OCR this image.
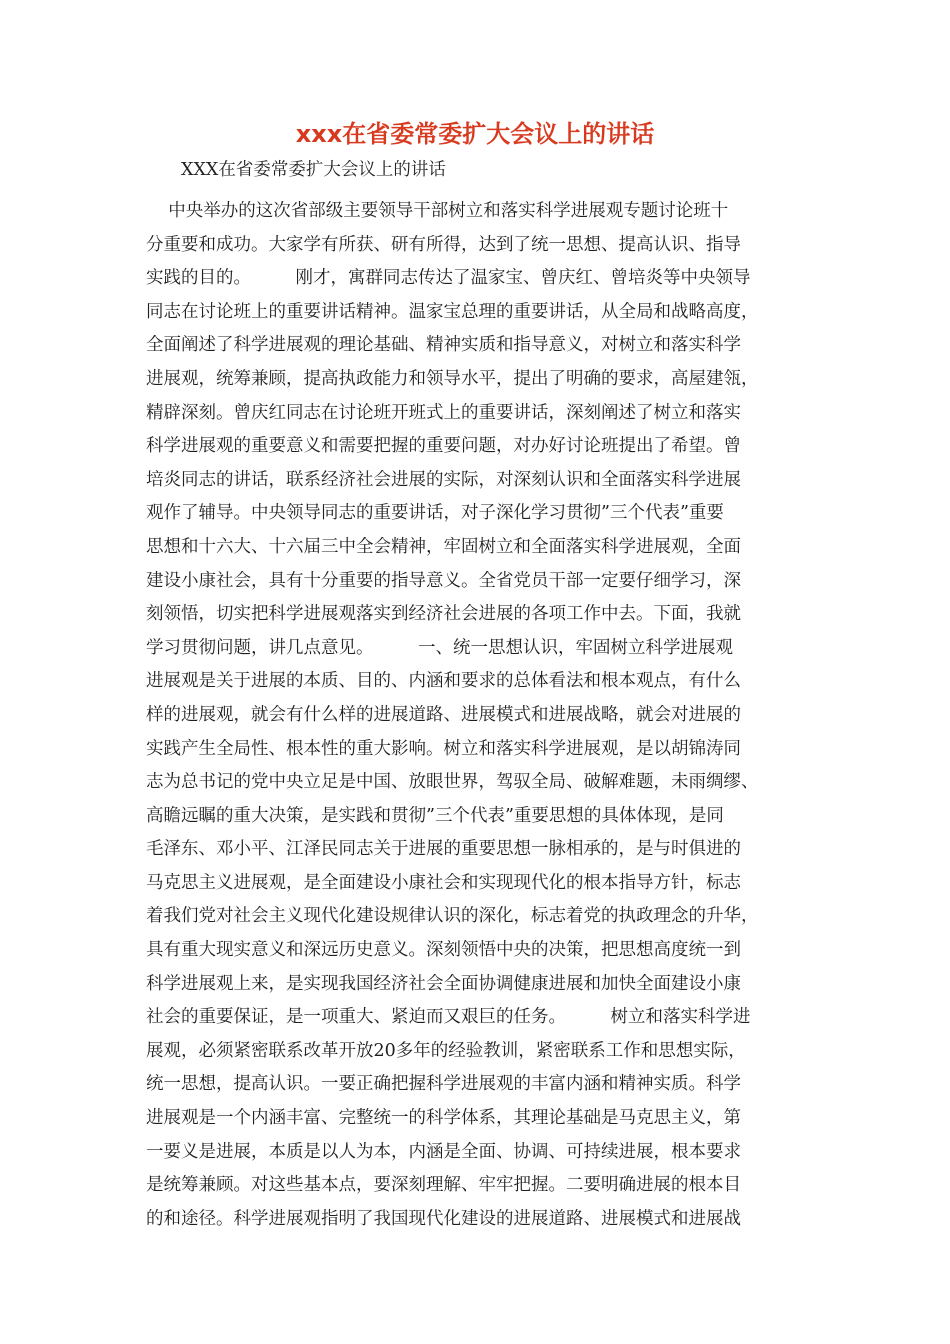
xxx在省委常委扩大会议上的讲话
XXX在省委常委扩大会议上的讲话
中央举办的这次省部级主要领导干部树立和落实科学进展观专题讨论班十
分重要和成功。大家学有所获、研有所得，达到了统一思想、提高认识、指导
实践的目的。        刚才，寓群同志传达了温家宝、曾庆红、曾培炎等中央领导
同志在讨论班上的重要讲话精神。温家宝总理的重要讲话，从全局和战略高度，
全面阐述了科学进展观的理论基础、精神实质和指导意义，对树立和落实科学
进展观，统筹兼顾，提高执政能力和领导水平，提出了明确的要求，高屋建瓴，
精辟深刻。曾庆红同志在讨论班开班式上的重要讲话，深刻阐述了树立和落实
科学进展观的重要意义和需要把握的重要问题，对办好讨论班提出了希望。曾
培炎同志的讲话，联系经济社会进展的实际，对深刻认识和全面落实科学进展
观作了辅导。中央领导同志的重要讲话，对子深化学习贯彻”三个代表”重要
思想和十六大、十六届三中全会精神，牢固树立和全面落实科学进展观，全面
建设小康社会，具有十分重要的指导意义。全省党员干部一定要仔细学习，深
刻领悟，切实把科学进展观落实到经济社会进展的各项工作中去。下面，我就
学习贯彻问题，讲几点意见。        一、统一思想认识，牢固树立科学进展观
进展观是关于进展的本质、目的、内涵和要求的总体看法和根本观点，有什么
样的进展观，就会有什么样的进展道路、进展模式和进展战略，就会对进展的
实践产生全局性、根本性的重大影响。树立和落实科学进展观，是以胡锦涛同
志为总书记的党中央立足是中国、放眼世界，驾驭全局、破解难题，未雨绸缪、
高瞻远瞩的重大决策，是实践和贯彻”三个代表”重要思想的具体体现，是同
毛泽东、邓小平、江泽民同志关于进展的重要思想一脉相承的，是与时俱进的
马克思主义进展观，是全面建设小康社会和实现现代化的根本指导方针，标志
着我们党对社会主义现代化建设规律认识的深化，标志着党的执政理念的升华，
具有重大现实意义和深远历史意义。深刻领悟中央的决策，把思想高度统一到
科学进展观上来，是实现我国经济社会全面协调健康进展和加快全面建设小康
社会的重要保证，是一项重大、紧迫而又艰巨的任务。        树立和落实科学进
展观，必须紧密联系改革开放20多年的经验教训，紧密联系工作和思想实际，
统一思想，提高认识。一要正确把握科学进展观的丰富内涵和精神实质。科学
进展观是一个内涵丰富、完整统一的科学体系，其理论基础是马克思主义，第
一要义是进展，本质是以人为本，内涵是全面、协调、可持续进展，根本要求
是统筹兼顾。对这些基本点，要深刻理解、牢牢把握。二要明确进展的根本目
的和途径。科学进展观指明了我国现代化建设的进展道路、进展模式和进展战
